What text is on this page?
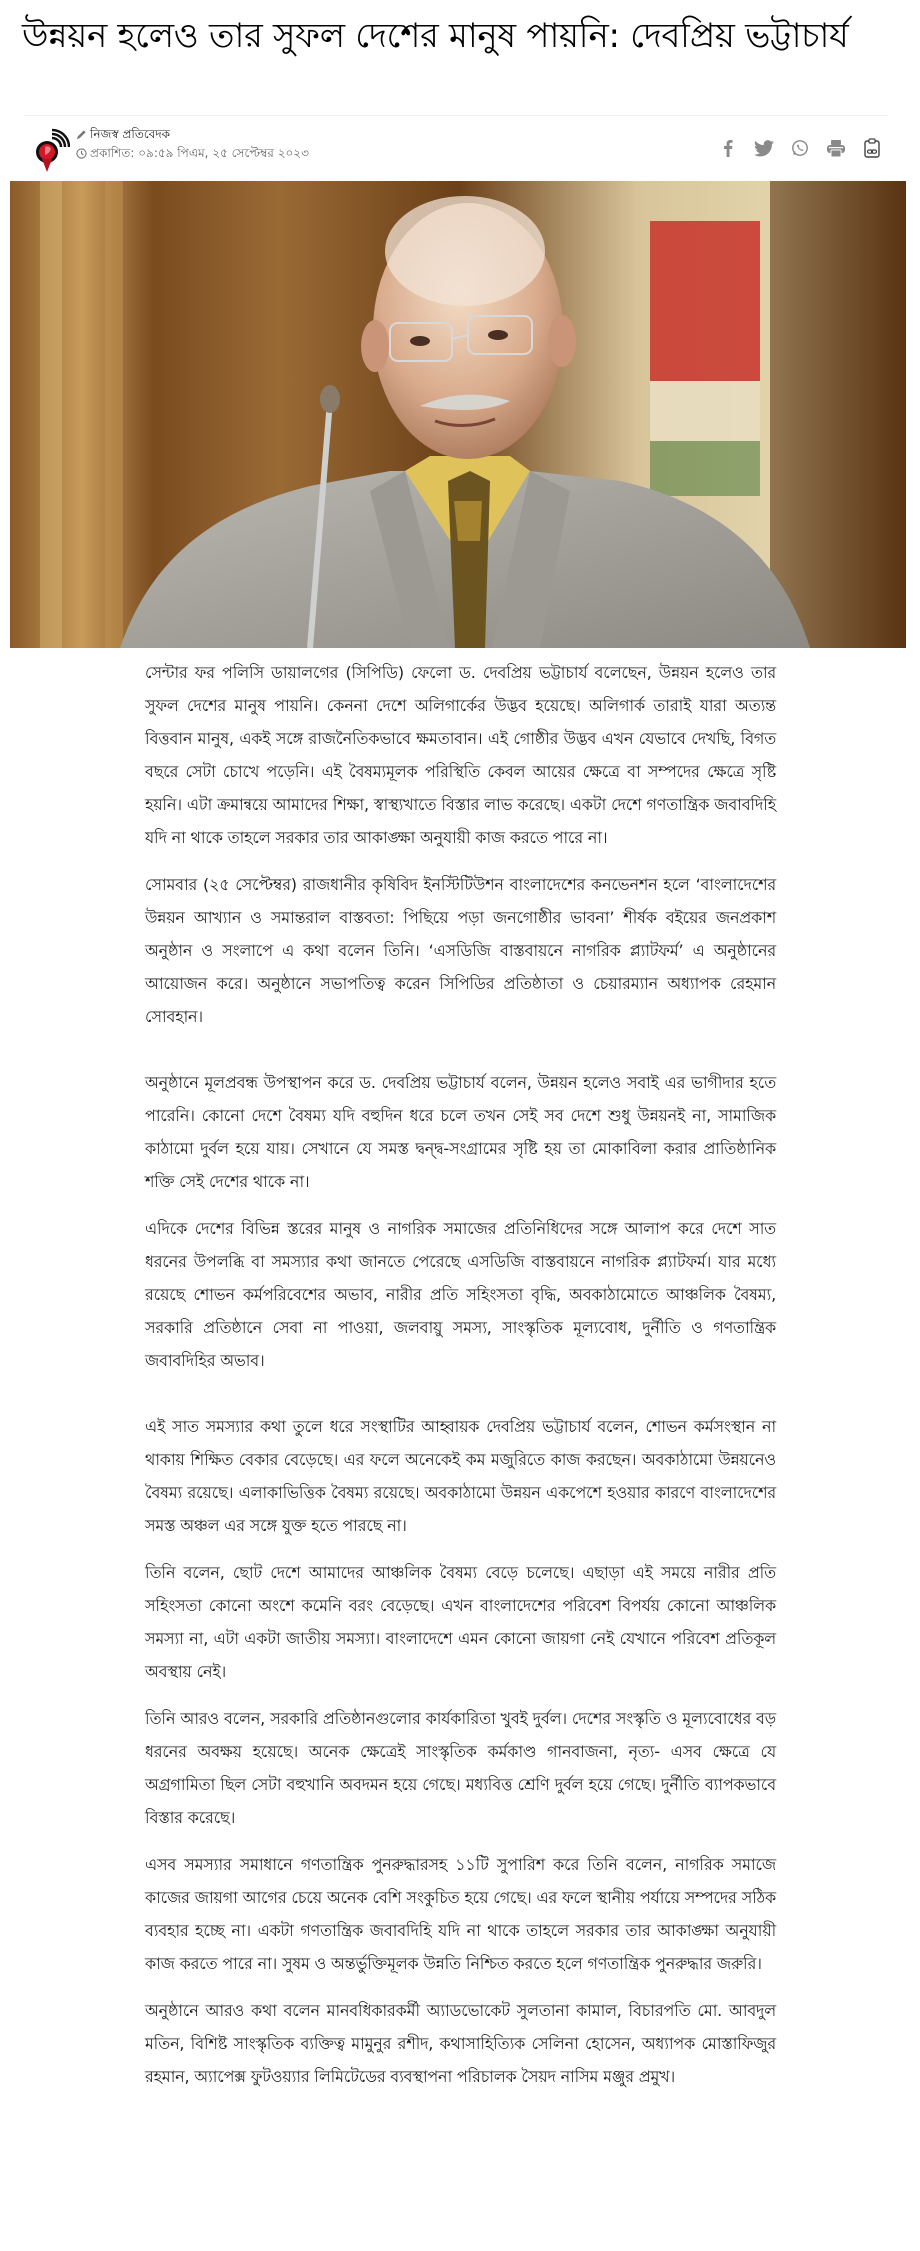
উন্নয়ন হলেও তার সুফল দেশের মানুষ পায়নি: দেবপ্রিয় ভট্টাচার্য
নিজস্ব প্রতিবেদক
প্রকাশিত: ০৯:৫৯ পিএম, ২৫ সেপ্টেম্বর ২০২৩

সেন্টার ফর পলিসি ডায়ালগের (সিপিডি) ফেলো ড. দেবপ্রিয় ভট্টাচার্য বলেছেন, উন্নয়ন হলেও তার সুফল দেশের মানুষ পায়নি। কেননা দেশে অলিগার্কের উদ্ভব হয়েছে। অলিগার্ক তারাই যারা অত্যন্ত বিত্তবান মানুষ, একই সঙ্গে রাজনৈতিকভাবে ক্ষমতাবান। এই গোষ্ঠীর উদ্ভব এখন যেভাবে দেখছি, বিগত বছরে সেটা চোখে পড়েনি। এই বৈষম্যমূলক পরিস্থিতি কেবল আয়ের ক্ষেত্রে বা সম্পদের ক্ষেত্রে সৃষ্টি হয়নি। এটা ক্রমান্বয়ে আমাদের শিক্ষা, স্বাস্থ্যখাতে বিস্তার লাভ করেছে। একটা দেশে গণতান্ত্রিক জবাবদিহি যদি না থাকে তাহলে সরকার তার আকাঙ্ক্ষা অনুযায়ী কাজ করতে পারে না।

সোমবার (২৫ সেপ্টেম্বর) রাজধানীর কৃষিবিদ ইনস্টিটিউশন বাংলাদেশের কনভেনশন হলে ‘বাংলাদেশের উন্নয়ন আখ্যান ও সমান্তরাল বাস্তবতা: পিছিয়ে পড়া জনগোষ্ঠীর ভাবনা’ শীর্ষক বইয়ের জনপ্রকাশ অনুষ্ঠান ও সংলাপে এ কথা বলেন তিনি। ‘এসডিজি বাস্তবায়নে নাগরিক প্ল্যাটফর্ম’ এ অনুষ্ঠানের আয়োজন করে। অনুষ্ঠানে সভাপতিত্ব করেন সিপিডির প্রতিষ্ঠাতা ও চেয়ারম্যান অধ্যাপক রেহমান সোবহান।

অনুষ্ঠানে মূলপ্রবন্ধ উপস্থাপন করে ড. দেবপ্রিয় ভট্টাচার্য বলেন, উন্নয়ন হলেও সবাই এর ভাগীদার হতে পারেনি। কোনো দেশে বৈষম্য যদি বহুদিন ধরে চলে তখন সেই সব দেশে শুধু উন্নয়নই না, সামাজিক কাঠামো দুর্বল হয়ে যায়। সেখানে যে সমস্ত দ্বন্দ্ব-সংগ্রামের সৃষ্টি হয় তা মোকাবিলা করার প্রাতিষ্ঠানিক শক্তি সেই দেশের থাকে না।

এদিকে দেশের বিভিন্ন স্তরের মানুষ ও নাগরিক সমাজের প্রতিনিধিদের সঙ্গে আলাপ করে দেশে সাত ধরনের উপলব্ধি বা সমস্যার কথা জানতে পেরেছে এসডিজি বাস্তবায়নে নাগরিক প্ল্যাটফর্ম। যার মধ্যে রয়েছে শোভন কর্মপরিবেশের অভাব, নারীর প্রতি সহিংসতা বৃদ্ধি, অবকাঠামোতে আঞ্চলিক বৈষম্য, সরকারি প্রতিষ্ঠানে সেবা না পাওয়া, জলবায়ু সমস্য, সাংস্কৃতিক মূল্যবোধ, দুর্নীতি ও গণতান্ত্রিক জবাবদিহির অভাব।

এই সাত সমস্যার কথা তুলে ধরে সংস্থাটির আহ্বায়ক দেবপ্রিয় ভট্টাচার্য বলেন, শোভন কর্মসংস্থান না থাকায় শিক্ষিত বেকার বেড়েছে। এর ফলে অনেকেই কম মজুরিতে কাজ করছেন। অবকাঠামো উন্নয়নেও বৈষম্য রয়েছে। এলাকাভিত্তিক বৈষম্য রয়েছে। অবকাঠামো উন্নয়ন একপেশে হওয়ার কারণে বাংলাদেশের সমস্ত অঞ্চল এর সঙ্গে যুক্ত হতে পারছে না।

তিনি বলেন, ছোট দেশে আমাদের আঞ্চলিক বৈষম্য বেড়ে চলেছে। এছাড়া এই সময়ে নারীর প্রতি সহিংসতা কোনো অংশে কমেনি বরং বেড়েছে। এখন বাংলাদেশের পরিবেশ বিপর্যয় কোনো আঞ্চলিক সমস্যা না, এটা একটা জাতীয় সমস্যা। বাংলাদেশে এমন কোনো জায়গা নেই যেখানে পরিবেশ প্রতিকূল অবস্থায় নেই।

তিনি আরও বলেন, সরকারি প্রতিষ্ঠানগুলোর কার্যকারিতা খুবই দুর্বল। দেশের সংস্কৃতি ও মূল্যবোধের বড় ধরনের অবক্ষয় হয়েছে। অনেক ক্ষেত্রেই সাংস্কৃতিক কর্মকাণ্ড গানবাজনা, নৃত্য- এসব ক্ষেত্রে যে অগ্রগামিতা ছিল সেটা বহুখানি অবদমন হয়ে গেছে। মধ্যবিত্ত শ্রেণি দুর্বল হয়ে গেছে। দুর্নীতি ব্যাপকভাবে বিস্তার করেছে।

এসব সমস্যার সমাধানে গণতান্ত্রিক পুনরুদ্ধারসহ ১১টি সুপারিশ করে তিনি বলেন, নাগরিক সমাজে কাজের জায়গা আগের চেয়ে অনেক বেশি সংকুচিত হয়ে গেছে। এর ফলে স্থানীয় পর্যায়ে সম্পদের সঠিক ব্যবহার হচ্ছে না। একটা গণতান্ত্রিক জবাবদিহি যদি না থাকে তাহলে সরকার তার আকাঙ্ক্ষা অনুযায়ী কাজ করতে পারে না। সুষম ও অন্তর্ভুক্তিমূলক উন্নতি নিশ্চিত করতে হলে গণতান্ত্রিক পুনরুদ্ধার জরুরি।

অনুষ্ঠানে আরও কথা বলেন মানবধিকারকর্মী অ্যাডভোকেট সুলতানা কামাল, বিচারপতি মো. আবদুল মতিন, বিশিষ্ট সাংস্কৃতিক ব্যক্তিত্ব মামুনুর রশীদ, কথাসাহিত্যিক সেলিনা হোসেন, অধ্যাপক মোস্তাফিজুর রহমান, অ্যাপেক্স ফুটওয়্যার লিমিটেডের ব্যবস্থাপনা পরিচালক সৈয়দ নাসিম মঞ্জুর প্রমুখ।
